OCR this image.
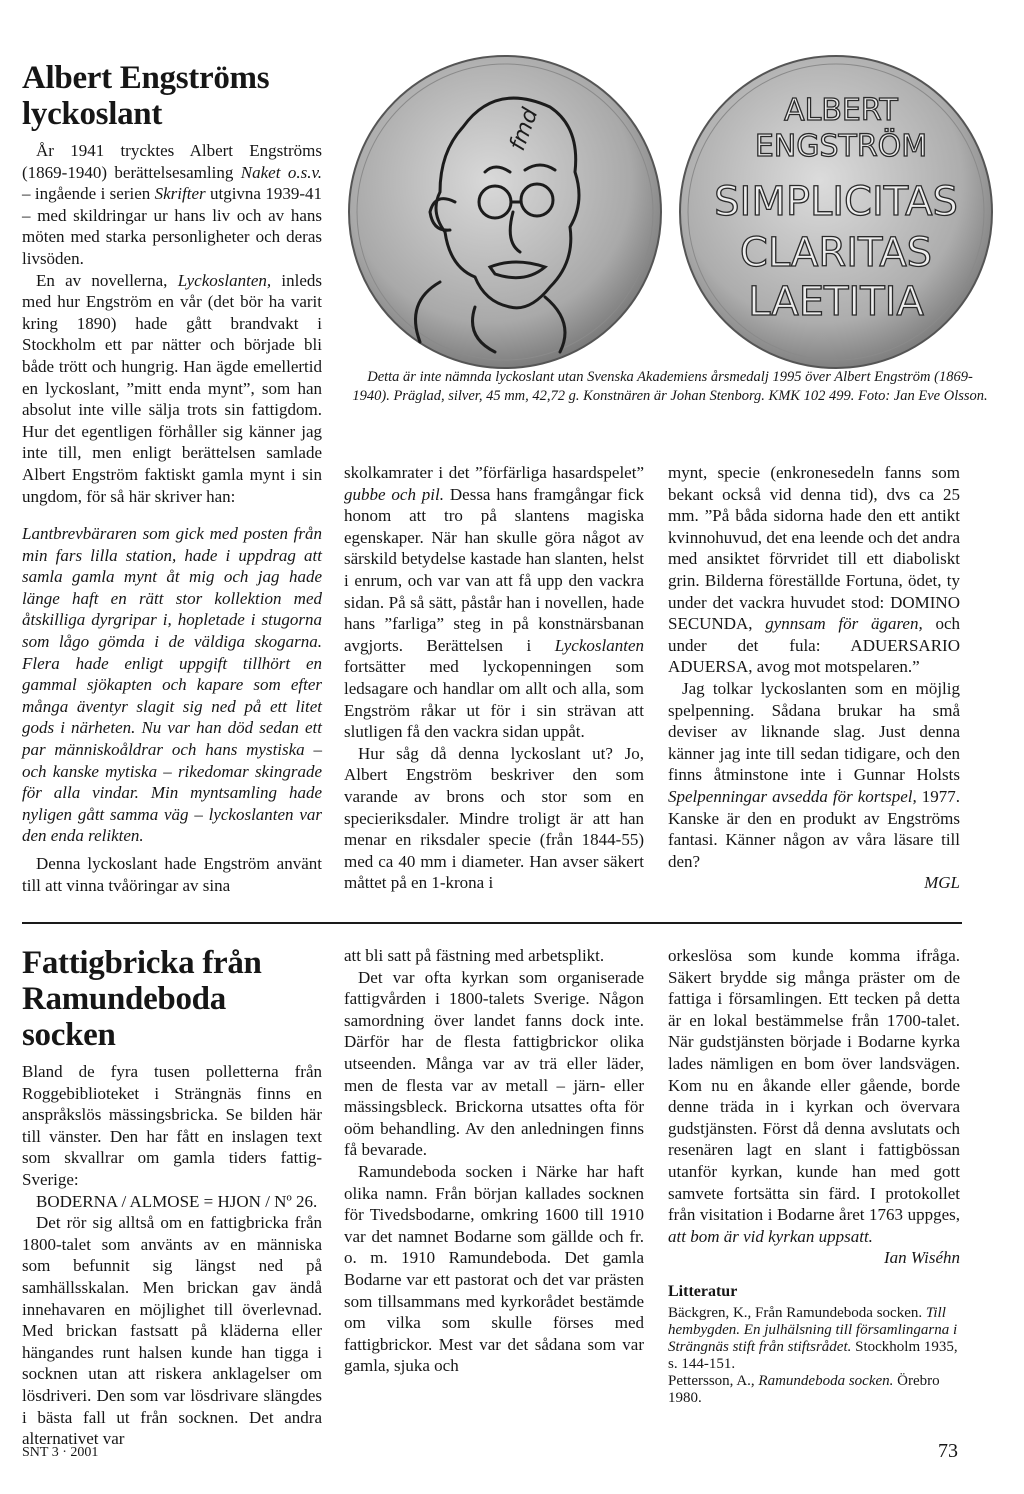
Albert Engströms lyckoslant

År 1941 trycktes Albert Engströms (1869-1940) berättelsesamling Naket o.s.v. – ingående i serien Skrifter utgivna 1939-41 – med skildringar ur hans liv och av hans möten med starka personligheter och deras livsöden.

En av novellerna, Lyckoslanten, inleds med hur Engström en vår (det bör ha varit kring 1890) hade gått brandvakt i Stockholm ett par nätter och började bli både trött och hungrig. Han ägde emellertid en lyckoslant, ”mitt enda mynt”, som han absolut inte ville sälja trots sin fattigdom. Hur det egentligen förhåller sig känner jag inte till, men enligt berättelsen samlade Albert Engström faktiskt gamla mynt i sin ungdom, för så här skriver han:

Lantbrevbäraren som gick med posten från min fars lilla station, hade i uppdrag att samla gamla mynt åt mig och jag hade länge haft en rätt stor kollektion med åtskilliga dyrgripar i, hopletade i stugorna som lågo gömda i de väldiga skogarna. Flera hade enligt uppgift tillhört en gammal sjökapten och kapare som efter många äventyr slagit sig ned på ett litet gods i närheten. Nu var han död sedan ett par människoåldrar och hans mystiska – och kanske mytiska – rikedomar skingrade för alla vindar. Min myntsamling hade nyligen gått samma väg – lyckoslanten var den enda relikten.

Denna lyckoslant hade Engström använt till att vinna tvåöringar av sina

fmd	ALBERT
ENGSTRÖM
SIMPLICITAS
CLARITAS
LAETITIA
Detta är inte nämnda lyckoslant utan Svenska Akademiens årsmedalj 1995 över Albert Engström (1869-1940). Präglad, silver, 45 mm, 42,72 g. Konstnären är Johan Stenborg. KMK 102 499. Foto: Jan Eve Olsson.

skolkamrater i det ”förfärliga hasardspelet” gubbe och pil. Dessa hans framgångar fick honom att tro på slantens magiska egenskaper. När han skulle göra något av särskild betydelse kastade han slanten, helst i enrum, och var van att få upp den vackra sidan. På så sätt, påstår han i novellen, hade hans ”farliga” steg in på konstnärsbanan avgjorts. Berättelsen i Lyckoslanten fortsätter med lyckopenningen som ledsagare och handlar om allt och alla, som Engström råkar ut för i sin strävan att slutligen få den vackra sidan uppåt.

Hur såg då denna lyckoslant ut? Jo, Albert Engström beskriver den som varande av brons och stor som en specieriksdaler. Mindre troligt är att han menar en riksdaler specie (från 1844-55) med ca 40 mm i diameter. Han avser säkert måttet på en 1-krona i

mynt, specie (enkronesedeln fanns som bekant också vid denna tid), dvs ca 25 mm. ”På båda sidorna hade den ett antikt kvinnohuvud, det ena leende och det andra med ansiktet förvridet till ett diaboliskt grin. Bilderna föreställde Fortuna, ödet, ty under det vackra huvudet stod: DOMINO SECUNDA, gynnsam för ägaren, och under det fula: ADUERSARIO ADUERSA, avog mot motspelaren.”

Jag tolkar lyckoslanten som en möjlig spelpenning. Sådana brukar ha små deviser av liknande slag. Just denna känner jag inte till sedan tidigare, och den finns åtminstone inte i Gunnar Holsts Spelpenningar avsedda för kortspel, 1977. Kanske är den en produkt av Engströms fantasi. Känner någon av våra läsare till den?

MGL

Fattigbricka från Ramundeboda socken

Bland de fyra tusen polletterna från Roggebiblioteket i Strängnäs finns en anspråkslös mässingsbricka. Se bilden här till vänster. Den har fått en inslagen text som skvallrar om gamla tiders fattig-Sverige:

BODERNA / ALMOSE = HJON / Nº 26.

Det rör sig alltså om en fattigbricka från 1800-talet som använts av en människa som befunnit sig längst ned på samhällsskalan. Men brickan gav ändå innehavaren en möjlighet till överlevnad. Med brickan fastsatt på kläderna eller hängandes runt halsen kunde han tigga i socknen utan att riskera anklagelser om lösdriveri. Den som var lösdrivare slängdes i bästa fall ut från socknen. Det andra alternativet var

att bli satt på fästning med arbetsplikt.

Det var ofta kyrkan som organiserade fattigvården i 1800-talets Sverige. Någon samordning över landet fanns dock inte. Därför har de flesta fattigbrickor olika utseenden. Många var av trä eller läder, men de flesta var av metall – järn- eller mässingsbleck. Brickorna utsattes ofta för oöm behandling. Av den anledningen finns få bevarade.

Ramundeboda socken i Närke har haft olika namn. Från början kallades socknen för Tivedsbodarne, omkring 1600 till 1910 var det namnet Bodarne som gällde och fr. o. m. 1910 Ramundeboda. Det gamla Bodarne var ett pastorat och det var prästen som tillsammans med kyrkorådet bestämde om vilka som skulle förses med fattigbrickor. Mest var det sådana som var gamla, sjuka och

orkeslösa som kunde komma ifråga. Säkert brydde sig många präster om de fattiga i församlingen. Ett tecken på detta är en lokal bestämmelse från 1700-talet. När gudstjänsten började i Bodarne kyrka lades nämligen en bom över landsvägen. Kom nu en åkande eller gående, borde denne träda in i kyrkan och övervara gudstjänsten. Först då denna avslutats och resenären lagt en slant i fattigbössan utanför kyrkan, kunde han med gott samvete fortsätta sin färd. I protokollet från visitation i Bodarne året 1763 uppges, att bom är vid kyrkan uppsatt.

Ian Wiséhn

Litteratur

Bäckgren, K., Från Ramundeboda socken. Till hembygden. En julhälsning till församlingarna i Strängnäs stift från stiftsrådet. Stockholm 1935, s. 144-151.

Pettersson, A., Ramundeboda socken. Örebro 1980.

SNT 3 · 2001	73
